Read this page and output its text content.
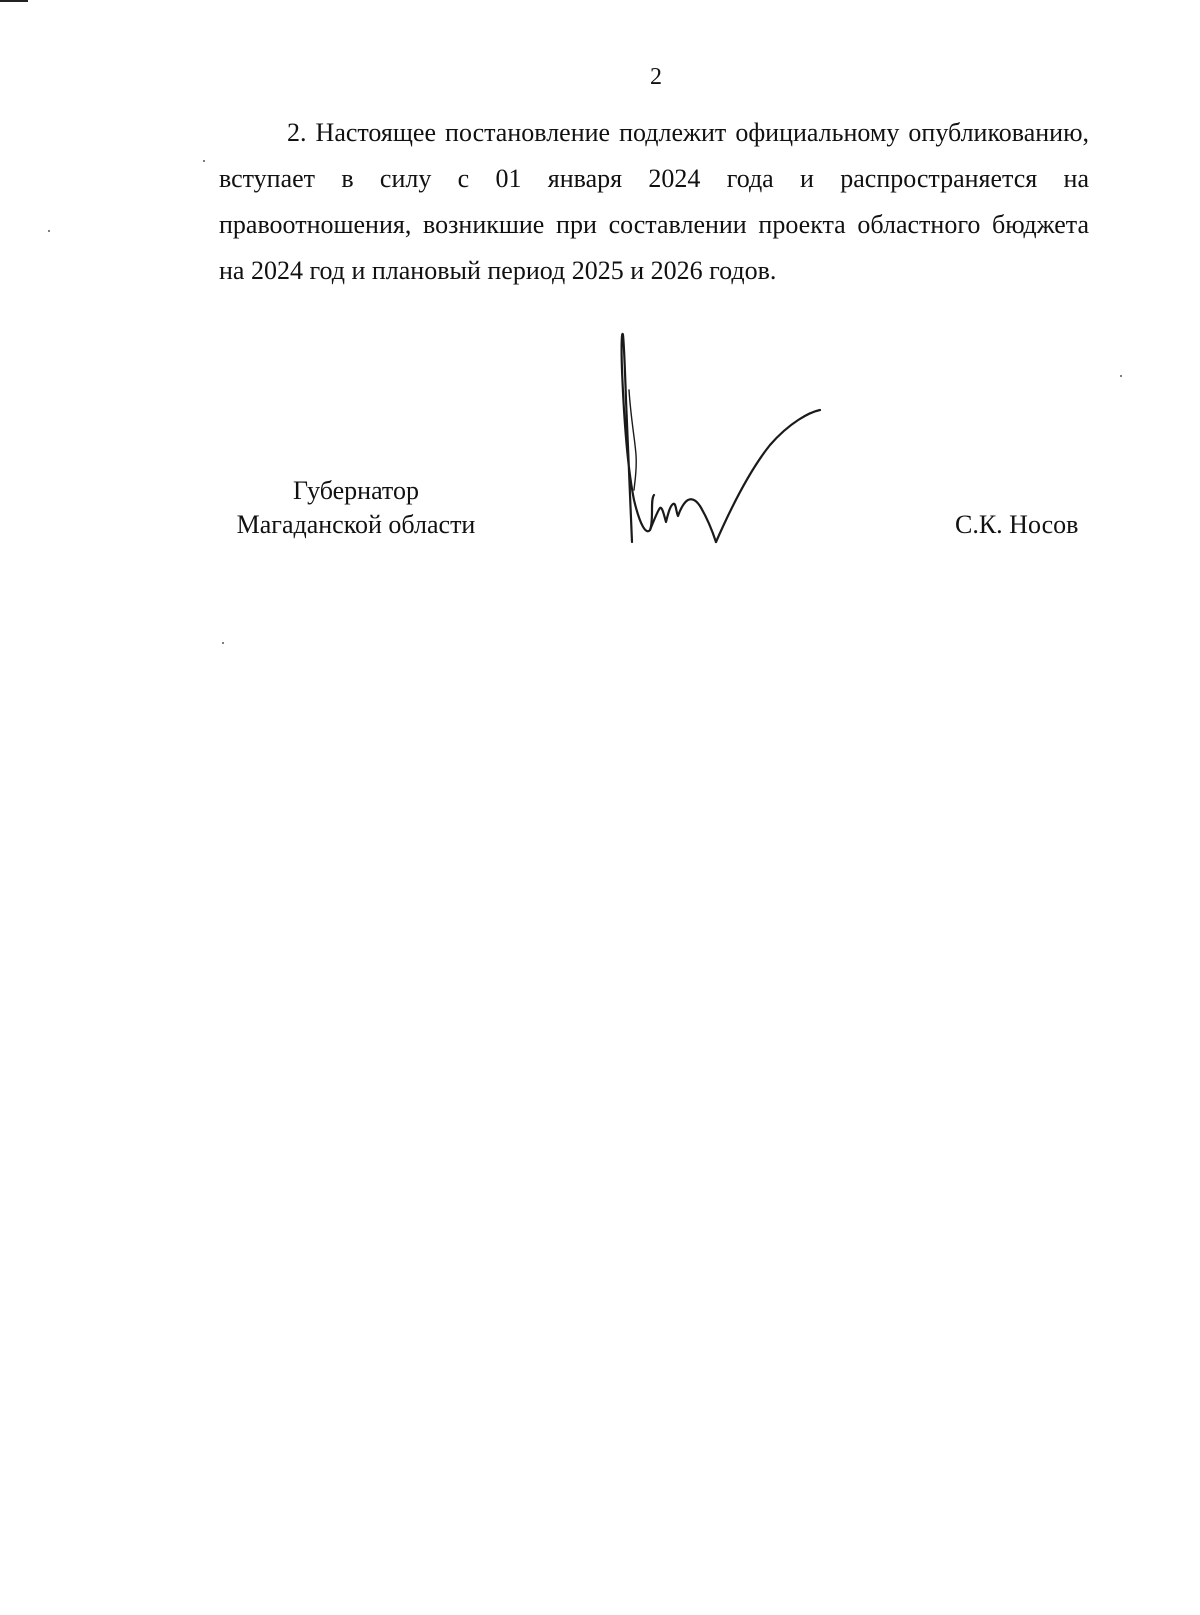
2
2. Настоящее постановление подлежит официальному опубликованию, вступает в силу с 01 января 2024 года и распространяется на правоотношения, возникшие при составлении проекта областного бюджета на 2024 год и плановый период 2025 и 2026 годов.
Губернатор
Магаданской области	С.К. Носов
